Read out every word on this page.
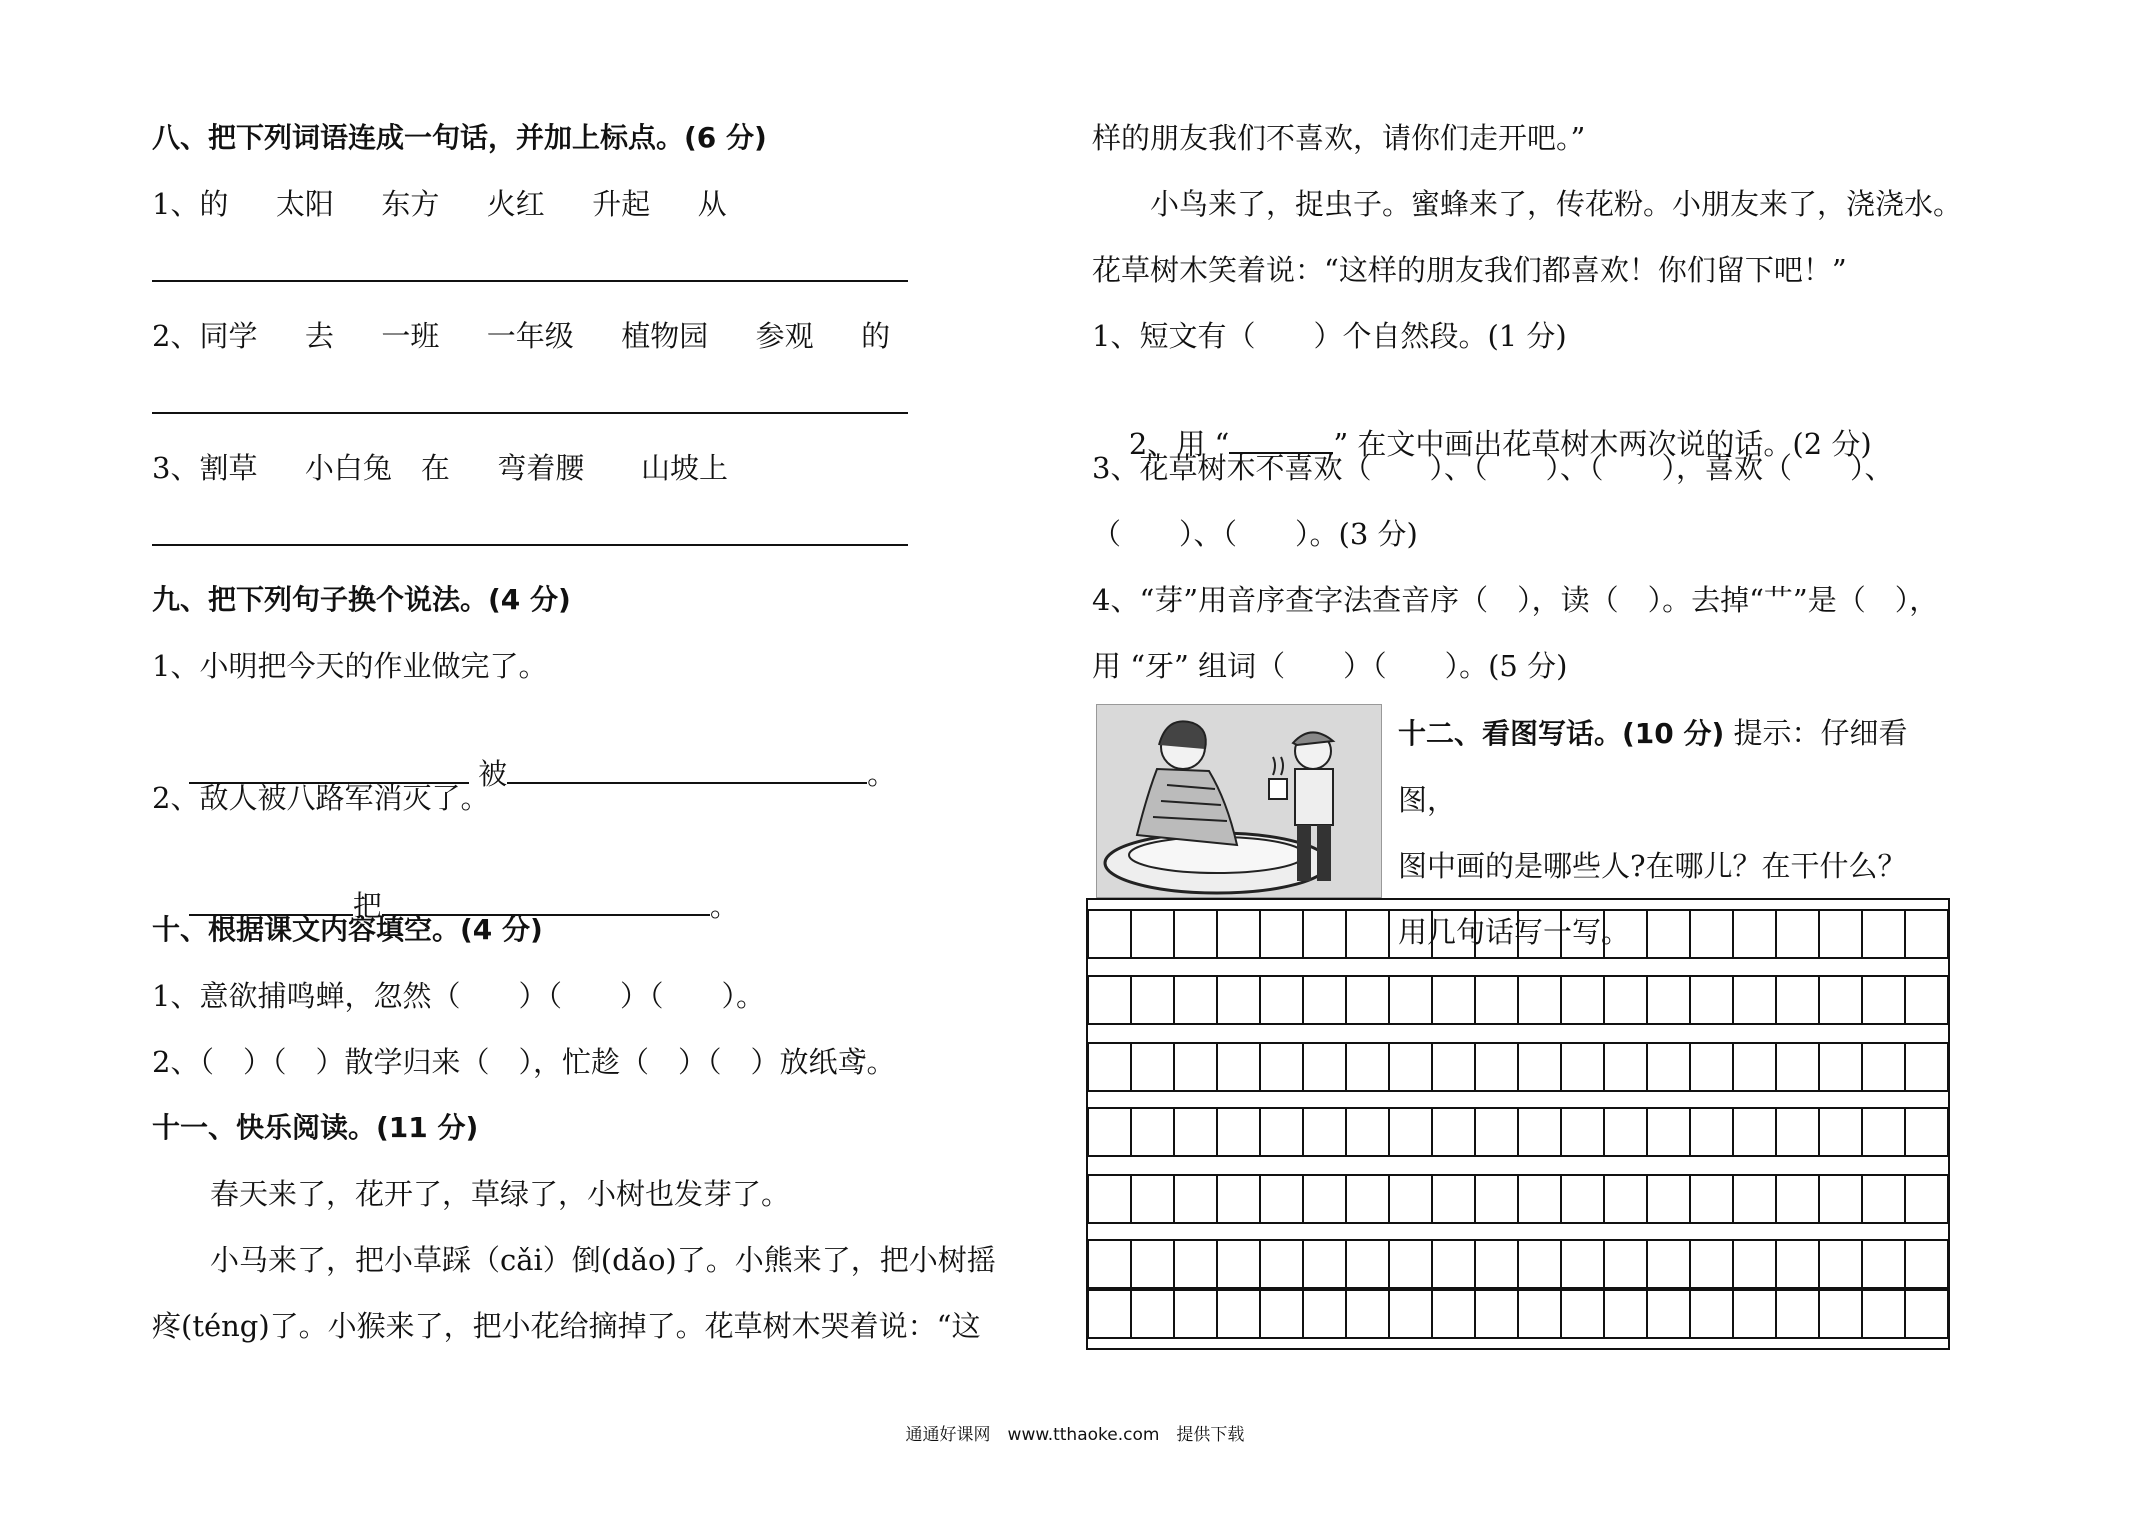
八、把下列词语连成一句话，并加上标点。(6 分)
1、的　  太阳　  东方　  火红　  升起　  从
2、同学　  去　  一班　  一年级　  植物园　  参观　  的
3、割草　  小白兔　在　  弯着腰　   山坡上
九、把下列句子换个说法。(4 分)
1、小明把今天的作业做完了。

被	。

2、敌人被八路军消灭了。

把	。

十、根据课文内容填空。(4 分)
1、意欲捕鸣蝉，忽然（　　）（　　）（　　）。
2、（　）（　）散学归来（　），忙趁（　）（　）放纸鸢。
十一、快乐阅读。(11 分)
春天来了，花开了，草绿了，小树也发芽了。
小马来了，把小草踩（cǎi）倒(dǎo)了。小熊来了，把小树摇
疼(téng)了。小猴来了，把小花给摘掉了。花草树木哭着说：“这
样的朋友我们不喜欢，请你们走开吧。”
小鸟来了，捉虫子。蜜蜂来了，传花粉。小朋友来了，浇浇水。
花草树木笑着说：“这样的朋友我们都喜欢！你们留下吧！”
1、短文有（　　）个自然段。(1 分)

2、用 “	” 在文中画出花草树木两次说的话。(2 分)

3、花草树木不喜欢（　　）、（　　）、（　　），喜欢（　　）、
（　　）、（　　）。(3 分)
4、“芽”用音序查字法查音序（　），读（　）。去掉“艹”是（　），
用 “牙” 组词（　　）（　　）。(5 分)
十二、看图写话。(10 分) 提示：仔细看图，
图中画的是哪些人?在哪儿？在干什么？
用几句话写一写。
通通好课网　www.tthaoke.com　提供下载
